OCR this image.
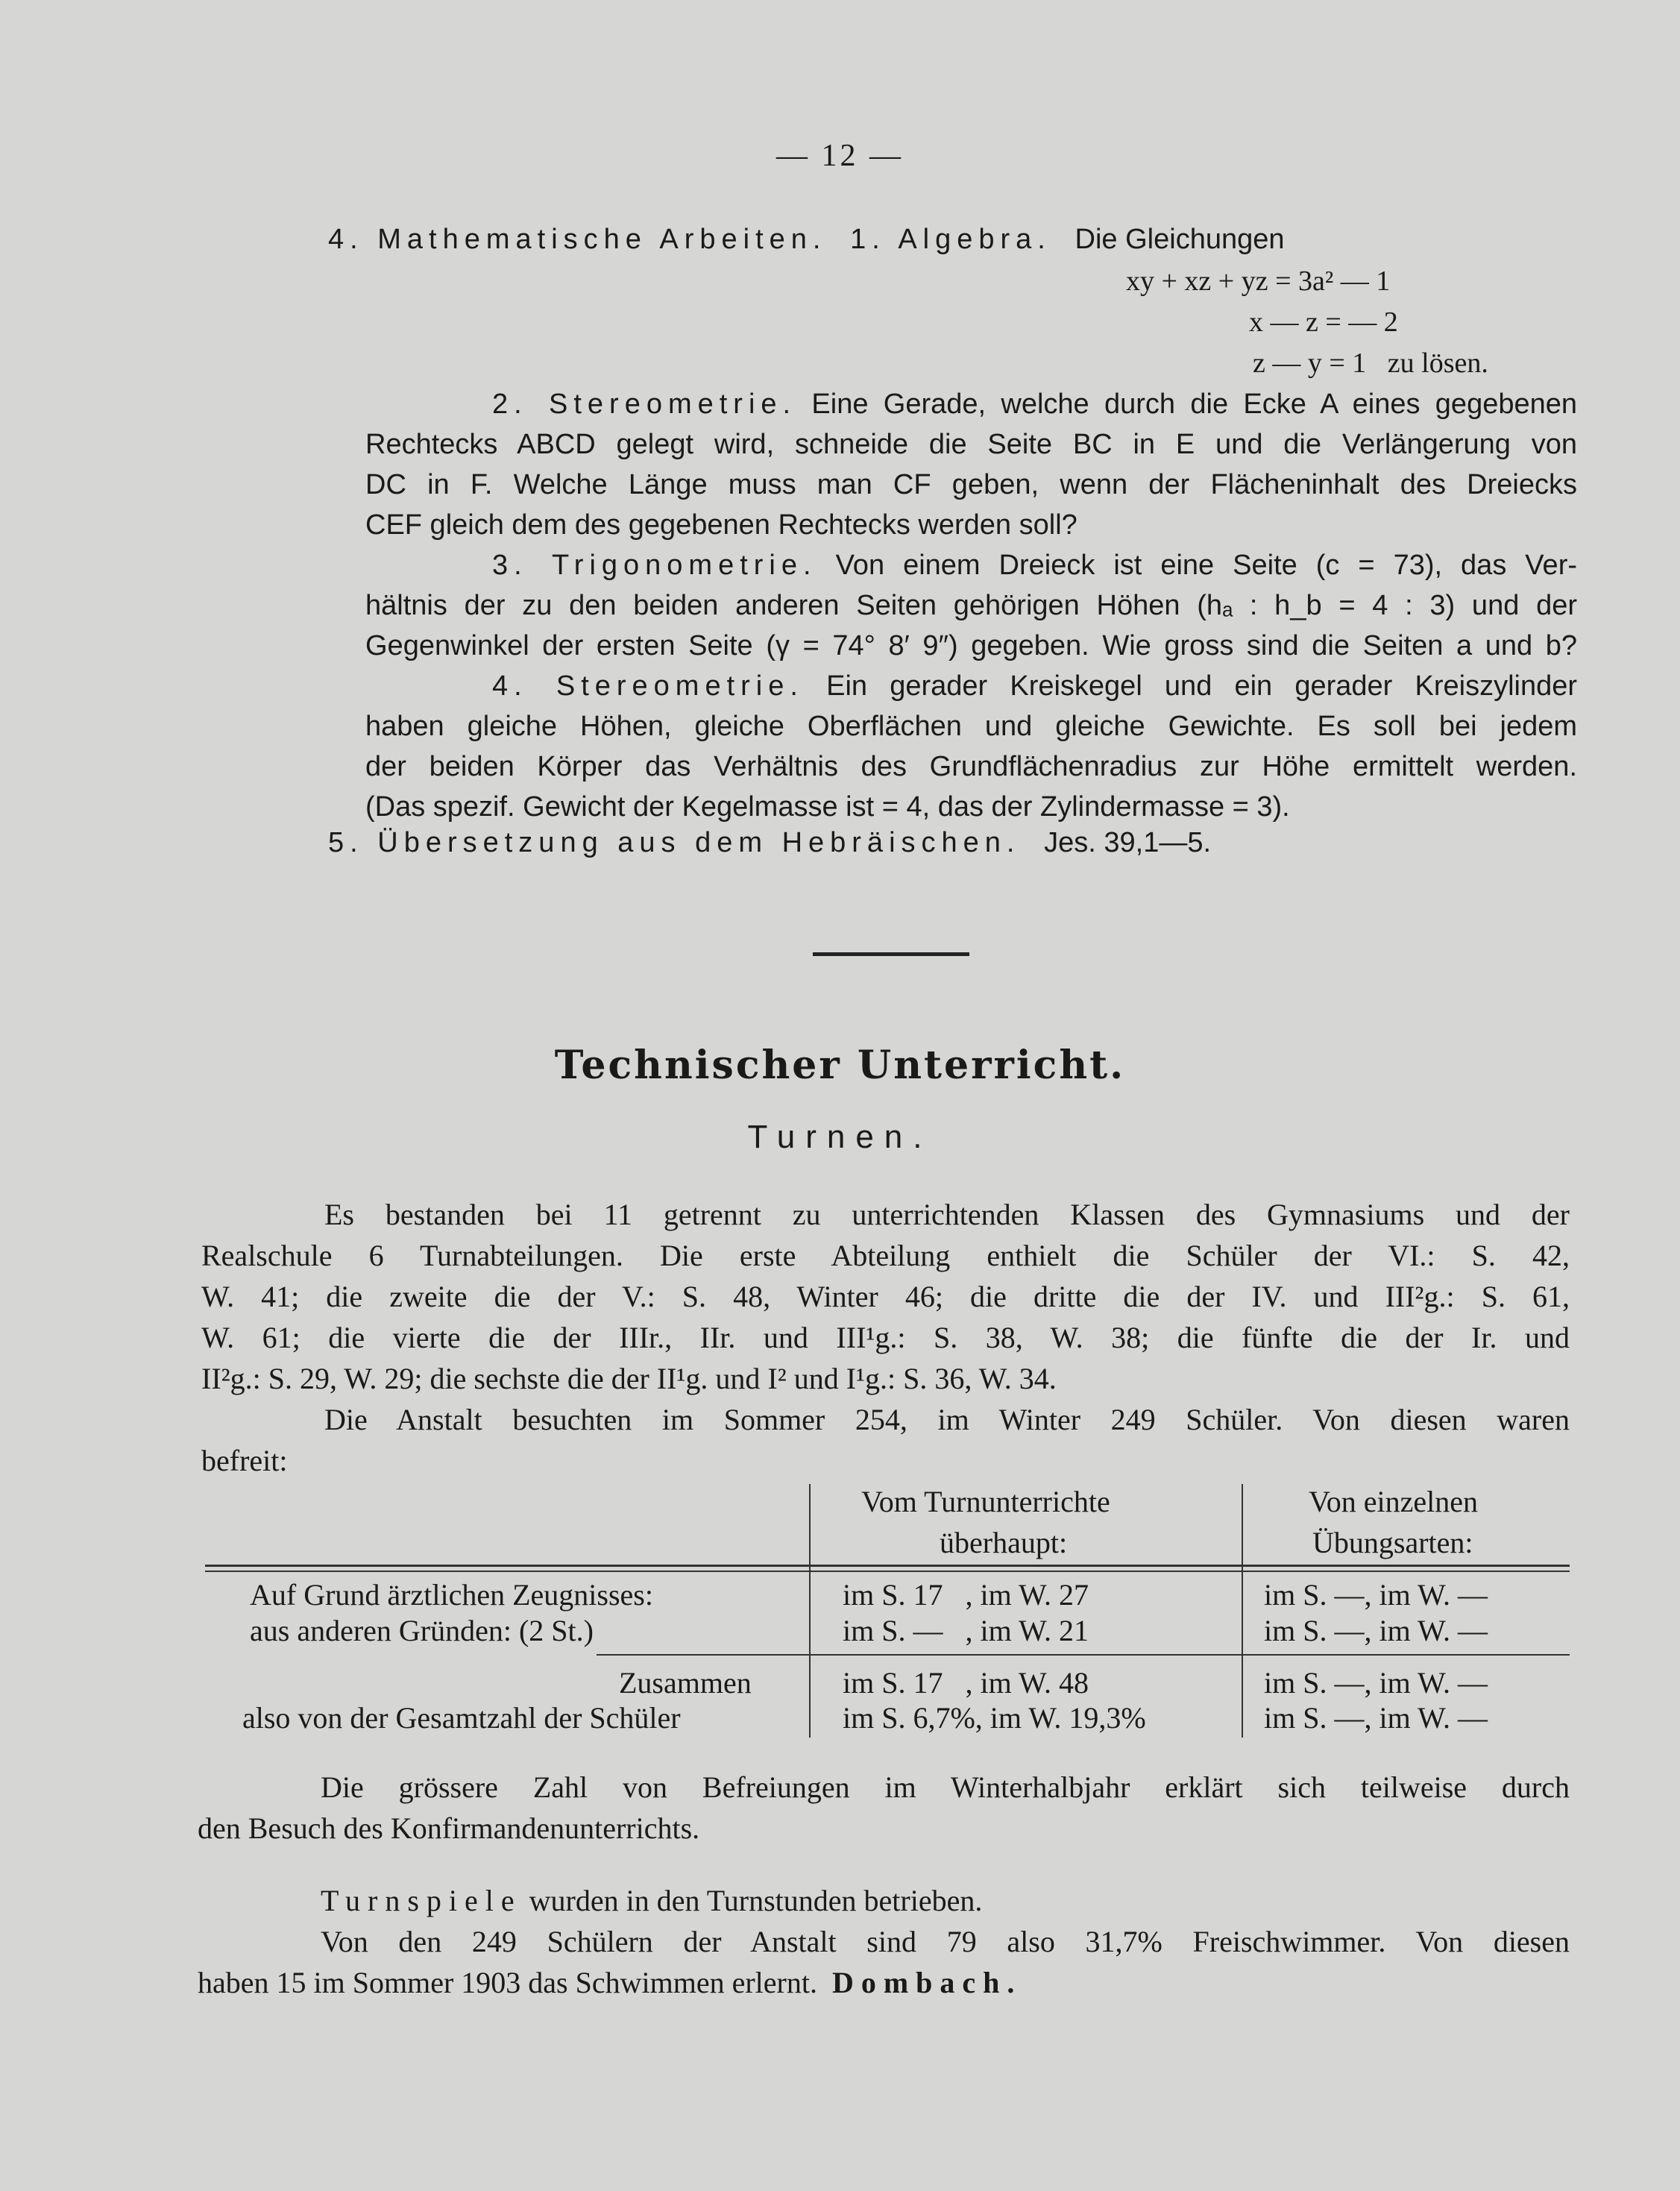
— 12 —
4. Mathematische Arbeiten. 1. Algebra. Die Gleichungen
xy + xz + yz = 3a² — 1
x — z = — 2
z — y = 1 zu lösen.
2. Stereometrie. Eine Gerade, welche durch die Ecke A eines gegebenen
Rechtecks ABCD gelegt wird, schneide die Seite BC in E und die Verlängerung von
DC in F. Welche Länge muss man CF geben, wenn der Flächeninhalt des Dreiecks
CEF gleich dem des gegebenen Rechtecks werden soll?
3. Trigonometrie. Von einem Dreieck ist eine Seite (c = 73), das Ver-
hältnis der zu den beiden anderen Seiten gehörigen Höhen (hₐ : h_b = 4 : 3) und der
Gegenwinkel der ersten Seite (γ = 74° 8′ 9″) gegeben. Wie gross sind die Seiten a und b?
4. Stereometrie. Ein gerader Kreiskegel und ein gerader Kreiszylinder
haben gleiche Höhen, gleiche Oberflächen und gleiche Gewichte. Es soll bei jedem
der beiden Körper das Verhältnis des Grundflächenradius zur Höhe ermittelt werden.
(Das spezif. Gewicht der Kegelmasse ist = 4, das der Zylindermasse = 3).
5. Übersetzung aus dem Hebräischen. Jes. 39,1—5.
Technischer Unterricht.
Turnen.
Es bestanden bei 11 getrennt zu unterrichtenden Klassen des Gymnasiums und der
Realschule 6 Turnabteilungen. Die erste Abteilung enthielt die Schüler der VI.: S. 42,
W. 41; die zweite die der V.: S. 48, Winter 46; die dritte die der IV. und III²g.: S. 61,
W. 61; die vierte die der IIIr., IIr. und III¹g.: S. 38, W. 38; die fünfte die der Ir. und
II²g.: S. 29, W. 29; die sechste die der II¹g. und I² und I¹g.: S. 36, W. 34.
Die Anstalt besuchten im Sommer 254, im Winter 249 Schüler. Von diesen waren
befreit:
Vom Turnunterrichte
überhaupt:
Von einzelnen
Übungsarten:
Auf Grund ärztlichen Zeugnisses:	im S. 17   , im W. 27	im S. —, im W. —
aus anderen Gründen: (2 St.)	im S. —   , im W. 21	im S. —, im W. —
Zusammen	im S. 17   , im W. 48	im S. —, im W. —
also von der Gesamtzahl der Schüler	im S. 6,7%, im W. 19,3%	im S. —, im W. —
Die grössere Zahl von Befreiungen im Winterhalbjahr erklärt sich teilweise durch
den Besuch des Konfirmandenunterrichts.
Turnspiele wurden in den Turnstunden betrieben.
Von den 249 Schülern der Anstalt sind 79 also 31,7% Freischwimmer. Von diesen
haben 15 im Sommer 1903 das Schwimmen erlernt. Dombach.
